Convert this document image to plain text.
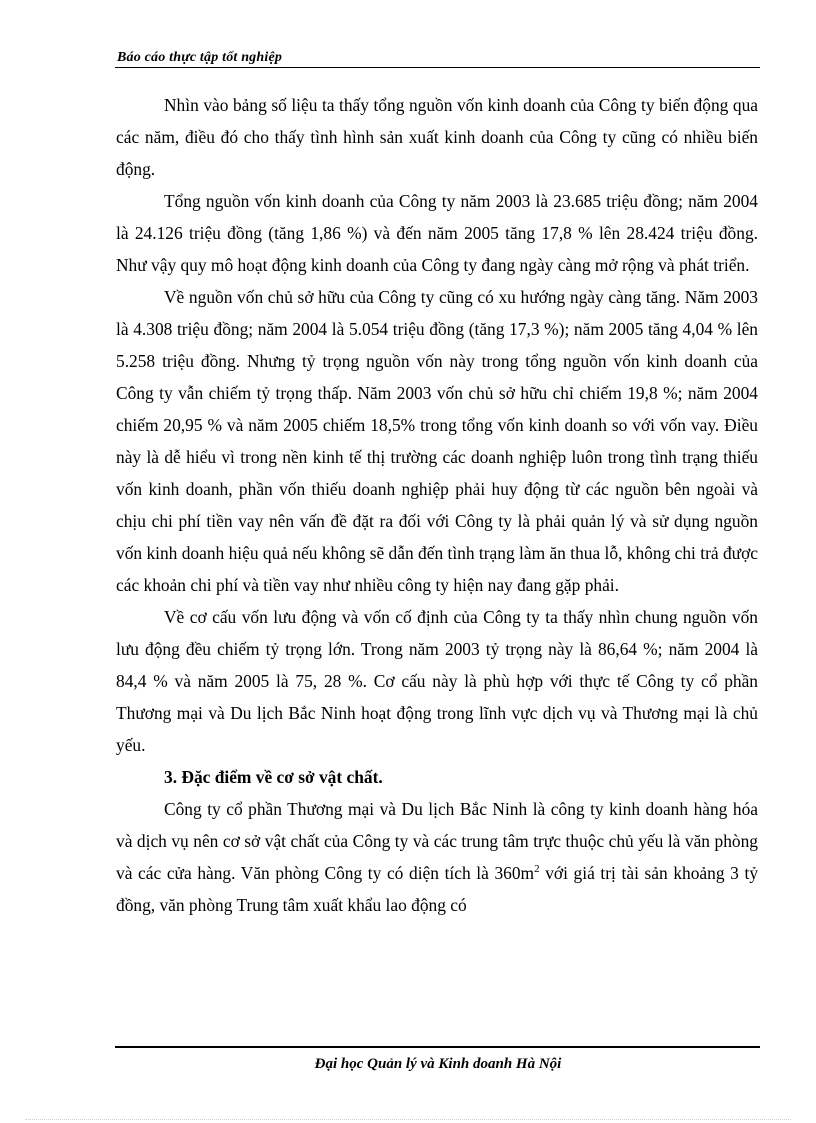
Báo cáo thực tập tốt nghiệp

Nhìn vào bảng số liệu ta thấy tổng nguồn vốn kinh doanh của Công ty biến động qua các năm, điều đó cho thấy tình hình sản xuất kinh doanh của Công ty cũng có nhiều biến động.

Tổng nguồn vốn kinh doanh của Công ty năm 2003 là 23.685 triệu đồng; năm 2004 là 24.126 triệu đồng (tăng 1,86 %) và đến năm 2005 tăng 17,8 % lên 28.424 triệu đồng. Như vậy quy mô hoạt động kinh doanh của Công ty đang ngày càng mở rộng và phát triển.

Về nguồn vốn chủ sở hữu của Công ty cũng có xu hướng ngày càng tăng. Năm 2003 là 4.308 triệu đồng; năm 2004 là 5.054 triệu đồng (tăng 17,3 %); năm 2005 tăng 4,04 % lên 5.258 triệu đồng. Nhưng tỷ trọng nguồn vốn này trong tổng nguồn vốn kinh doanh của Công ty vẫn chiếm tỷ trọng thấp. Năm 2003 vốn chủ sở hữu chỉ chiếm 19,8 %; năm 2004 chiếm 20,95 % và năm 2005 chiếm 18,5% trong tổng vốn kinh doanh so với vốn vay. Điều này là dễ hiểu vì trong nền kinh tế thị trường các doanh nghiệp luôn trong tình trạng thiếu vốn kinh doanh, phần vốn thiếu doanh nghiệp phải huy động từ các nguồn bên ngoài và chịu chi phí tiền vay nên vấn đề đặt ra đối với Công ty là phải quản lý và sử dụng nguồn vốn kinh doanh hiệu quả nếu không sẽ dẫn đến tình trạng làm ăn thua lỗ, không chi trả được các khoản chi phí và tiền vay như nhiều công ty hiện nay đang gặp phải.

Về cơ cấu vốn lưu động và vốn cố định của Công ty ta thấy nhìn chung nguồn vốn lưu động đều chiếm tỷ trọng lớn. Trong năm 2003 tỷ trọng này là 86,64 %; năm 2004 là 84,4 % và năm 2005 là 75, 28 %. Cơ cấu này là phù hợp với thực tế Công ty cổ phần Thương mại và Du lịch Bắc Ninh hoạt động trong lĩnh vực dịch vụ và Thương mại là chủ yếu.

3. Đặc điểm về cơ sở vật chất.

Công ty cổ phần Thương mại và Du lịch Bắc Ninh là công ty kinh doanh hàng hóa và dịch vụ nên cơ sở vật chất của Công ty và các trung tâm trực thuộc chủ yếu là văn phòng và các cửa hàng. Văn phòng Công ty có diện tích là $360m^2$ với giá trị tài sản khoảng 3 tỷ đồng, văn phòng Trung tâm xuất khẩu lao động có

Đại học Quản lý và Kinh doanh Hà Nội
